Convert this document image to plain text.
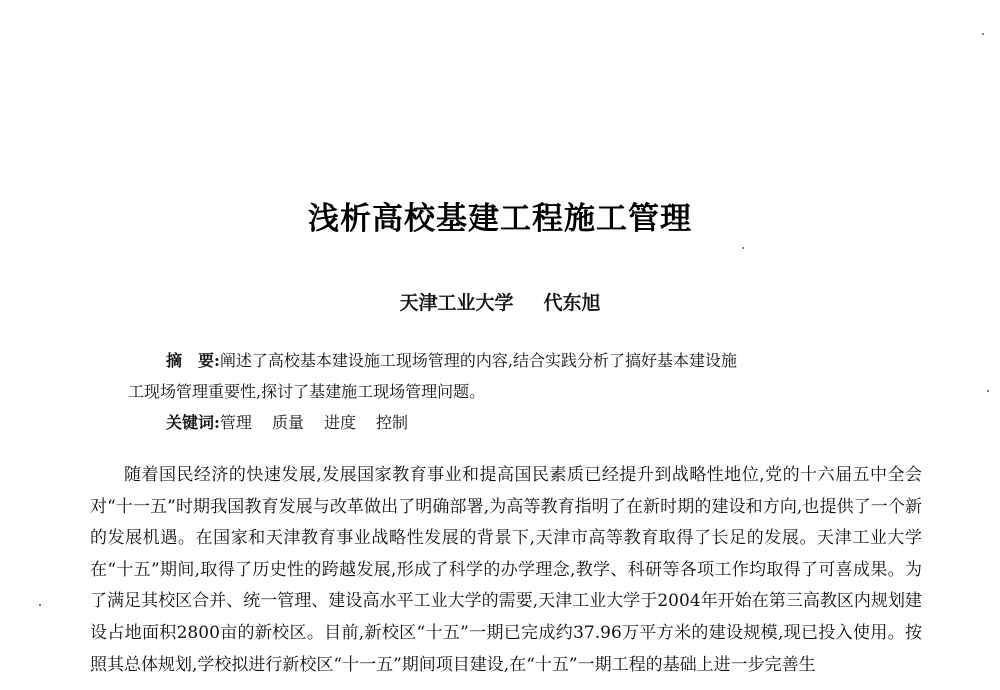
浅析高校基建工程施工管理
天津工业大学 代东旭
摘　要:阐述了高校基本建设施工现场管理的内容,结合实践分析了搞好基本建设施
工现场管理重要性,探讨了基建施工现场管理问题。
关键词:管理 质量 进度 控制

随着国民经济的快速发展,发展国家教育事业和提高国民素质已经提升到战略性地位,党的十六届五中全会对“十一五”时期我国教育发展与改革做出了明确部署,为高等教育指明了在新时期的建设和方向,也提供了一个新的发展机遇。在国家和天津教育事业战略性发展的背景下,天津市高等教育取得了长足的发展。天津工业大学在“十五”期间,取得了历史性的跨越发展,形成了科学的办学理念,教学、科研等各项工作均取得了可喜成果。为了满足其校区合并、统一管理、建设高水平工业大学的需要,天津工业大学于2004年开始在第三高教区内规划建设占地面积2800亩的新校区。目前,新校区“十五”一期已完成约37.96万平方米的建设规模,现已投入使用。按照其总体规划,学校拟进行新校区“十一五”期间项目建设,在“十五”一期工程的基础上进一步完善生
